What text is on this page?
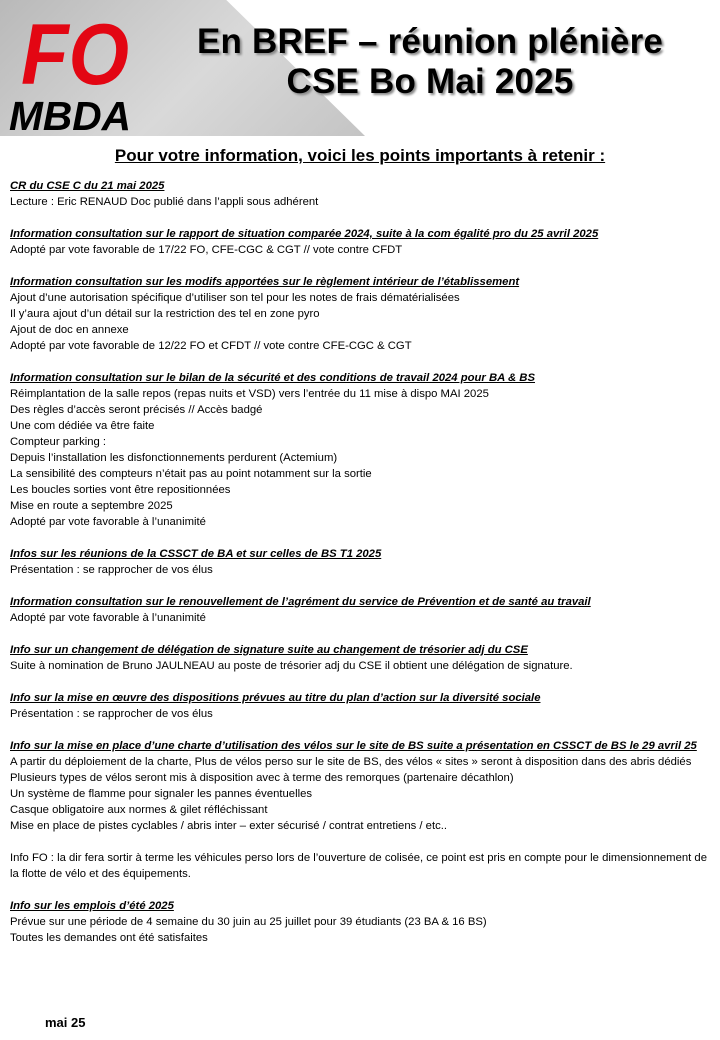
FO
MBDA
En BREF – réunion plénière
CSE Bo Mai 2025
Pour votre information, voici les points importants à retenir :
CR du CSE C du 21 mai 2025
Lecture : Eric RENAUD Doc publié dans l’appli sous adhérent
Information consultation sur le rapport de situation comparée 2024, suite à la com égalité pro du 25 avril 2025
Adopté par vote favorable de 17/22 FO, CFE-CGC & CGT // vote contre CFDT
Information consultation sur les modifs apportées sur le règlement intérieur de l’établissement
Ajout d’une autorisation spécifique d’utiliser son tel pour les notes de frais dématérialisées
Il y’aura ajout d’un détail sur la restriction des tel en zone pyro
Ajout de doc en annexe
Adopté par vote favorable de 12/22 FO et CFDT // vote contre CFE-CGC & CGT
Information consultation sur le bilan de la sécurité et des conditions de travail 2024 pour BA & BS
Réimplantation de la salle repos (repas nuits et VSD) vers l’entrée du 11 mise à dispo MAI 2025
Des règles d’accès seront précisés // Accès badgé
Une com dédiée va être faite
Compteur parking :
Depuis l’installation les disfonctionnements perdurent (Actemium)
La sensibilité des compteurs n’était pas au point notamment sur la sortie
Les boucles sorties vont être repositionnées
Mise en route a septembre 2025
Adopté par vote favorable à l’unanimité
Infos sur les réunions de la CSSCT de BA et sur celles de BS T1 2025
Présentation : se rapprocher de vos élus
Information consultation sur le renouvellement de l’agrément du service de Prévention et de santé au travail
Adopté par vote favorable à l’unanimité
Info sur un changement de délégation de signature suite au changement de trésorier adj du CSE
Suite à nomination de Bruno JAULNEAU au poste de trésorier adj du CSE il obtient une délégation de signature.
Info sur la mise en œuvre des dispositions prévues au titre du plan d’action sur la diversité sociale
Présentation : se rapprocher de vos élus
Info sur la mise en place d’une charte d’utilisation des vélos sur le site de BS suite a présentation en CSSCT de BS le 29 avril 25
A partir du déploiement de la charte, Plus de vélos perso sur le site de BS, des vélos « sites » seront à disposition dans des abris dédiés
Plusieurs types de vélos seront mis à disposition avec à terme des remorques (partenaire décathlon)
Un système de flamme pour signaler les pannes éventuelles
Casque obligatoire aux normes & gilet réfléchissant
Mise en place de pistes cyclables / abris inter – exter sécurisé / contrat entretiens / etc..
Info FO : la dir fera sortir à terme les véhicules perso lors de l’ouverture de colisée, ce point est pris en compte pour le dimensionnement de la flotte de vélo et des équipements.
Info sur les emplois d’été 2025
Prévue sur une période de 4 semaine du 30 juin au 25 juillet pour 39 étudiants (23 BA & 16 BS)
Toutes les demandes ont été satisfaites
mai 25
